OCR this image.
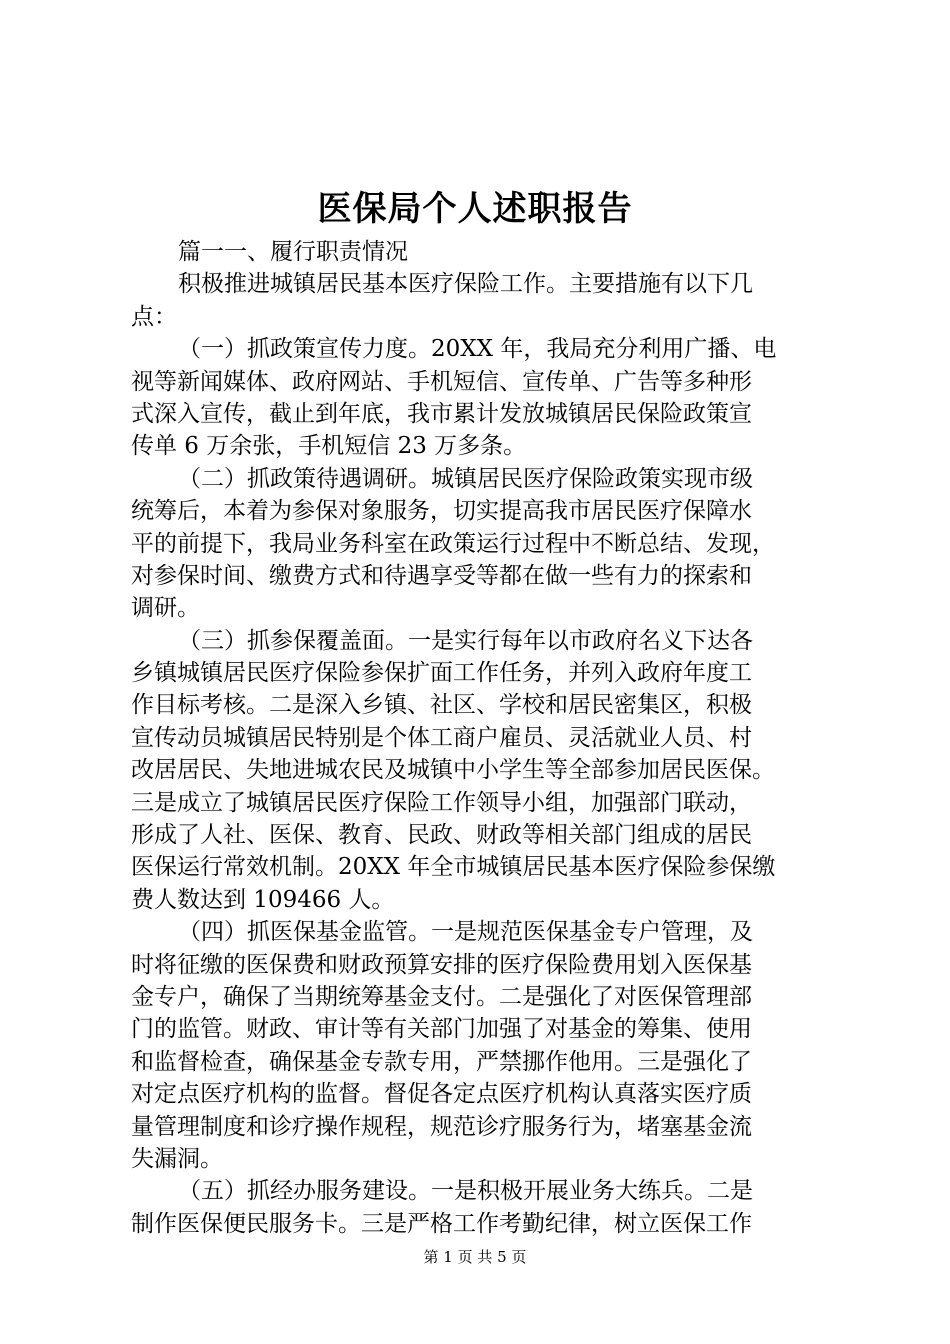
医保局个人述职报告
篇一一、履行职责情况
积极推进城镇居民基本医疗保险工作。主要措施有以下几
点：
（一）抓政策宣传力度。20XX 年，我局充分利用广播、电
视等新闻媒体、政府网站、手机短信、宣传单、广告等多种形
式深入宣传，截止到年底，我市累计发放城镇居民保险政策宣
传单 6 万余张，手机短信 23 万多条。
（二）抓政策待遇调研。城镇居民医疗保险政策实现市级
统筹后，本着为参保对象服务，切实提高我市居民医疗保障水
平的前提下，我局业务科室在政策运行过程中不断总结、发现，
对参保时间、缴费方式和待遇享受等都在做一些有力的探索和
调研。
（三）抓参保覆盖面。一是实行每年以市政府名义下达各
乡镇城镇居民医疗保险参保扩面工作任务，并列入政府年度工
作目标考核。二是深入乡镇、社区、学校和居民密集区，积极
宣传动员城镇居民特别是个体工商户雇员、灵活就业人员、村
改居居民、失地进城农民及城镇中小学生等全部参加居民医保。
三是成立了城镇居民医疗保险工作领导小组，加强部门联动，
形成了人社、医保、教育、民政、财政等相关部门组成的居民
医保运行常效机制。20XX 年全市城镇居民基本医疗保险参保缴
费人数达到 109466 人。
（四）抓医保基金监管。一是规范医保基金专户管理，及
时将征缴的医保费和财政预算安排的医疗保险费用划入医保基
金专户，确保了当期统筹基金支付。二是强化了对医保管理部
门的监管。财政、审计等有关部门加强了对基金的筹集、使用
和监督检查，确保基金专款专用，严禁挪作他用。三是强化了
对定点医疗机构的监督。督促各定点医疗机构认真落实医疗质
量管理制度和诊疗操作规程，规范诊疗服务行为，堵塞基金流
失漏洞。
（五）抓经办服务建设。一是积极开展业务大练兵。二是
制作医保便民服务卡。三是严格工作考勤纪律，树立医保工作
第 1 页 共 5 页
